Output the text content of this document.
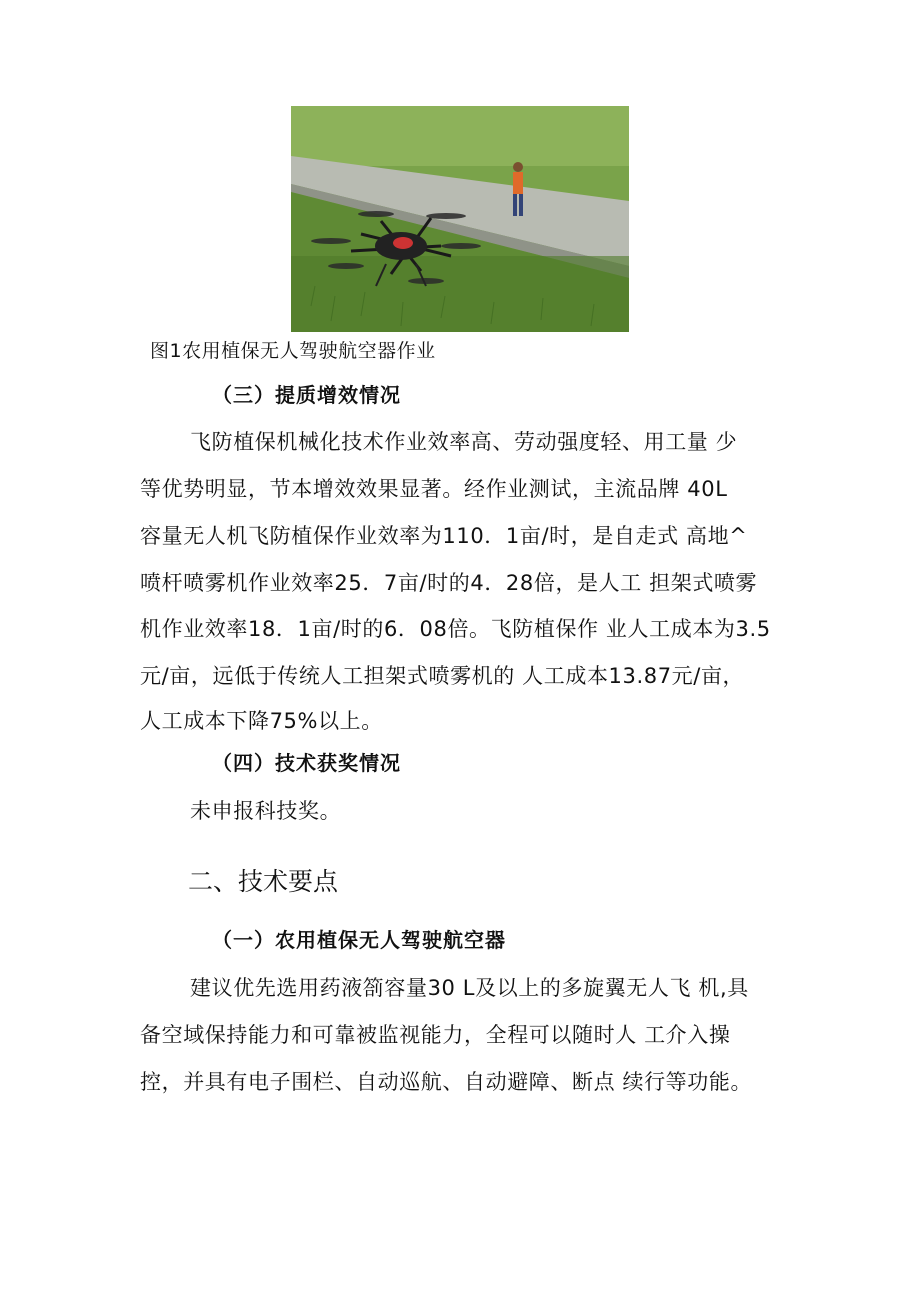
图1农用植保无人驾驶航空器作业
（三）提质增效情况
飞防植保机械化技术作业效率高、劳动强度轻、用工量 少
等优势明显，节本增效效果显著。经作业测试，主流品牌 40L
容量无人机飞防植保作业效率为110．1亩/时，是自走式 高地^
喷杆喷雾机作业效率25．7亩/时的4．28倍，是人工 担架式喷雾
机作业效率18．1亩/时的6．08倍。飞防植保作 业人工成本为3.5
元/亩，远低于传统人工担架式喷雾机的 人工成本13.87元/亩，
人工成本下降75%以上。
（四）技术获奖情况
未申报科技奖。
二、技术要点
（一）农用植保无人驾驶航空器
建议优先选用药液箚容量30 L及以上的多旋翼无人飞 机,具
备空域保持能力和可靠被监视能力，全程可以随时人 工介入操
控，并具有电子围栏、自动巡航、自动避障、断点 续行等功能。
